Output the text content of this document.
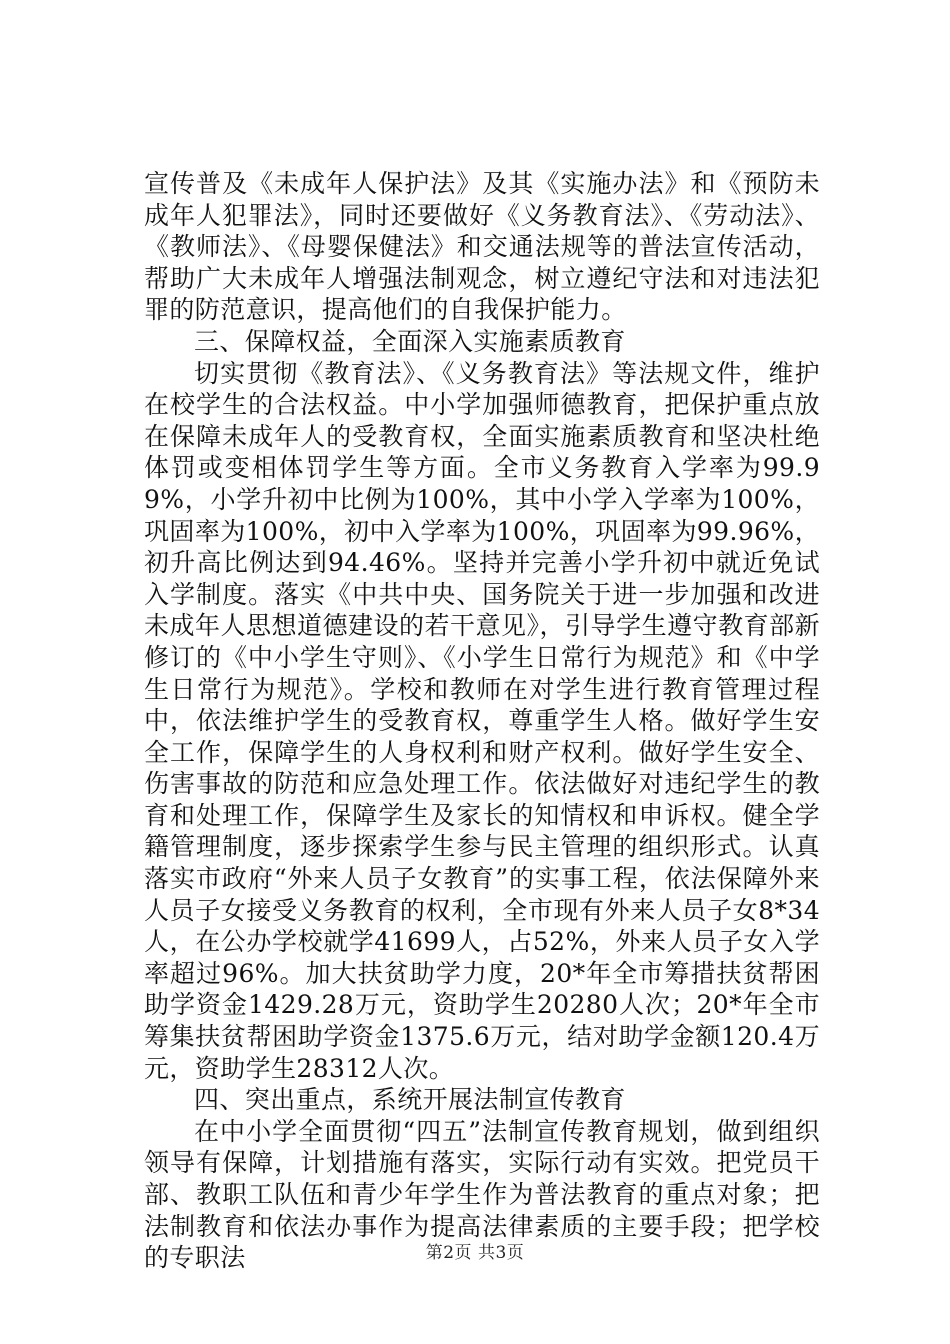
宣传普及《未成年人保护法》及其《实施办法》和《预防未成年人犯罪法》，同时还要做好《义务教育法》、《劳动法》、《教师法》、《母婴保健法》和交通法规等的普法宣传活动，帮助广大未成年人增强法制观念，树立遵纪守法和对违法犯罪的防范意识，提高他们的自我保护能力。

三、保障权益，全面深入实施素质教育

切实贯彻《教育法》、《义务教育法》等法规文件，维护在校学生的合法权益。中小学加强师德教育，把保护重点放在保障未成年人的受教育权，全面实施素质教育和坚决杜绝体罚或变相体罚学生等方面。全市义务教育入学率为99.99%，小学升初中比例为100%，其中小学入学率为100%，巩固率为100%，初中入学率为100%，巩固率为99.96%，初升高比例达到94.46%。坚持并完善小学升初中就近免试入学制度。落实《中共中央、国务院关于进一步加强和改进未成年人思想道德建设的若干意见》，引导学生遵守教育部新修订的《中小学生守则》、《小学生日常行为规范》和《中学生日常行为规范》。学校和教师在对学生进行教育管理过程中，依法维护学生的受教育权，尊重学生人格。做好学生安全工作，保障学生的人身权利和财产权利。做好学生安全、伤害事故的防范和应急处理工作。依法做好对违纪学生的教育和处理工作，保障学生及家长的知情权和申诉权。健全学籍管理制度，逐步探索学生参与民主管理的组织形式。认真落实市政府“外来人员子女教育”的实事工程，依法保障外来人员子女接受义务教育的权利，全市现有外来人员子女8*34人，在公办学校就学41699人，占52%，外来人员子女入学率超过96%。加大扶贫助学力度，20*年全市筹措扶贫帮困助学资金1429.28万元，资助学生20280人次；20*年全市筹集扶贫帮困助学资金1375.6万元，结对助学金额120.4万元，资助学生28312人次。

四、突出重点，系统开展法制宣传教育

在中小学全面贯彻“四五”法制宣传教育规划，做到组织领导有保障，计划措施有落实，实际行动有实效。把党员干部、教职工队伍和青少年学生作为普法教育的重点对象；把法制教育和依法办事作为提高法律素质的主要手段；把学校的专职法	第2页 共3页
